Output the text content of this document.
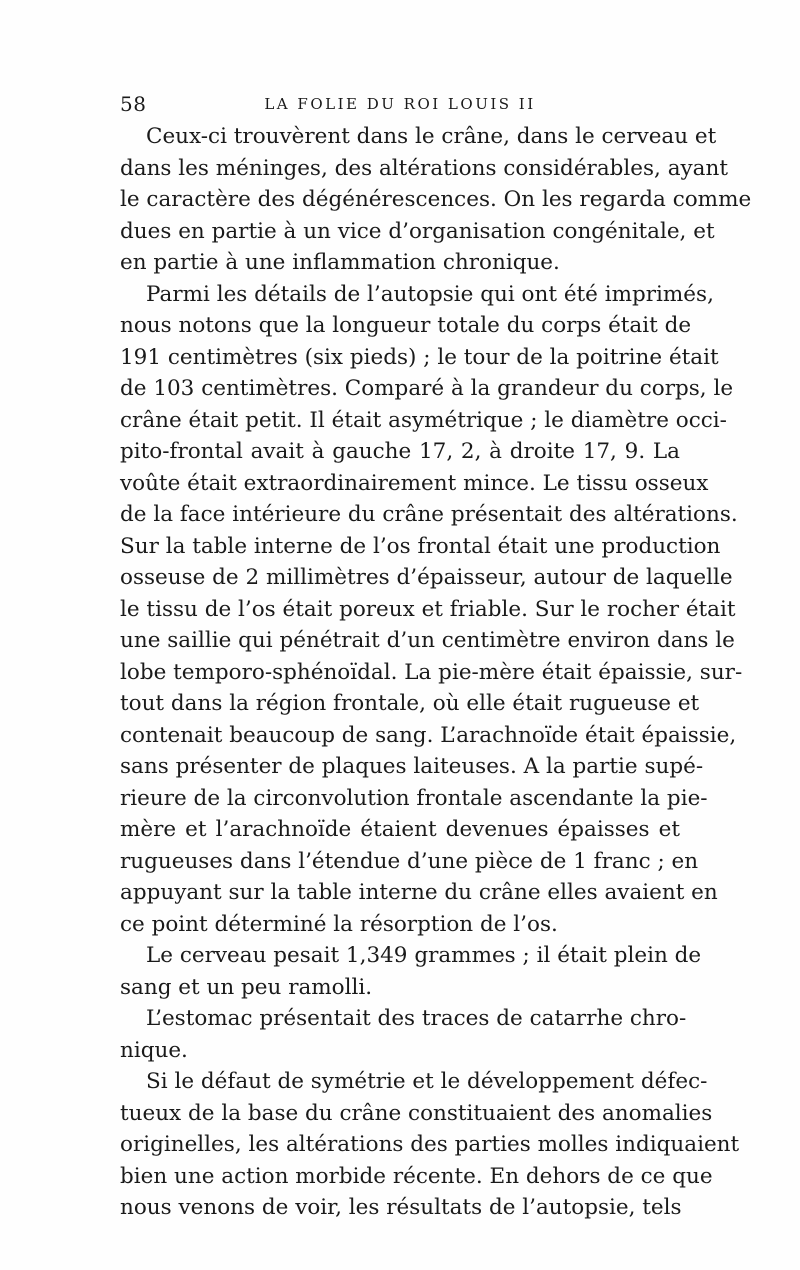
58	LA FOLIE DU ROI LOUIS II
Ceux-ci trouvèrent dans le crâne, dans le cerveau et
dans les méninges, des altérations considérables, ayant
le caractère des dégénérescences. On les regarda comme
dues en partie à un vice d’organisation congénitale, et
en partie à une inflammation chronique.
Parmi les détails de l’autopsie qui ont été imprimés,
nous notons que la longueur totale du corps était de
191 centimètres (six pieds) ; le tour de la poitrine était
de 103 centimètres. Comparé à la grandeur du corps, le
crâne était petit. Il était asymétrique ; le diamètre occi-
pito-frontal avait à gauche 17, 2, à droite 17, 9. La
voûte était extraordinairement mince. Le tissu osseux
de la face intérieure du crâne présentait des altérations.
Sur la table interne de l’os frontal était une production
osseuse de 2 millimètres d’épaisseur, autour de laquelle
le tissu de l’os était poreux et friable. Sur le rocher était
une saillie qui pénétrait d’un centimètre environ dans le
lobe temporo-sphénoïdal. La pie-mère était épaissie, sur-
tout dans la région frontale, où elle était rugueuse et
contenait beaucoup de sang. L’arachnoïde était épaissie,
sans présenter de plaques laiteuses. A la partie supé-
rieure de la circonvolution frontale ascendante la pie-
mère et l’arachnoïde étaient devenues épaisses et
rugueuses dans l’étendue d’une pièce de 1 franc ; en
appuyant sur la table interne du crâne elles avaient en
ce point déterminé la résorption de l’os.
Le cerveau pesait 1,349 grammes ; il était plein de
sang et un peu ramolli.
L’estomac présentait des traces de catarrhe chro-
nique.
Si le défaut de symétrie et le développement défec-
tueux de la base du crâne constituaient des anomalies
originelles, les altérations des parties molles indiquaient
bien une action morbide récente. En dehors de ce que
nous venons de voir, les résultats de l’autopsie, tels
